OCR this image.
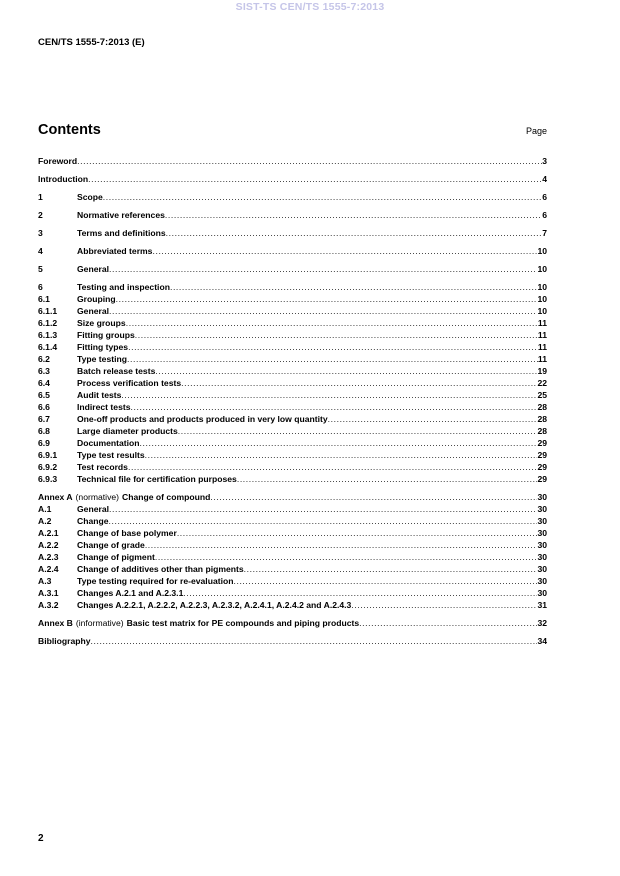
SIST-TS CEN/TS 1555-7:2013
CEN/TS 1555-7:2013 (E)
Contents	Page
Foreword .....	3
Introduction .....	4
1	Scope .....	6
2	Normative references .....	6
3	Terms and definitions .....	7
4	Abbreviated terms .....	10
5	General .....	10
6	Testing and inspection .....	10
6.1	Grouping .....	10
6.1.1	General .....	10
6.1.2	Size groups .....	11
6.1.3	Fitting groups .....	11
6.1.4	Fitting types .....	11
6.2	Type testing .....	11
6.3	Batch release tests .....	19
6.4	Process verification tests .....	22
6.5	Audit tests .....	25
6.6	Indirect tests .....	28
6.7	One-off products and products produced in very low quantity .....	28
6.8	Large diameter products .....	28
6.9	Documentation .....	29
6.9.1	Type test results .....	29
6.9.2	Test records .....	29
6.9.3	Technical file for certification purposes .....	29
Annex A (normative) Change of compound .....	30
A.1	General .....	30
A.2	Change .....	30
A.2.1	Change of base polymer .....	30
A.2.2	Change of grade .....	30
A.2.3	Change of pigment .....	30
A.2.4	Change of additives other than pigments .....	30
A.3	Type testing required for re-evaluation .....	30
A.3.1	Changes A.2.1 and A.2.3.1 .....	30
A.3.2	Changes A.2.2.1, A.2.2.2, A.2.2.3, A.2.3.2, A.2.4.1, A.2.4.2 and A.2.4.3 .....	31
Annex B (informative) Basic test matrix for PE compounds and piping products .....	32
Bibliography .....	34
2
